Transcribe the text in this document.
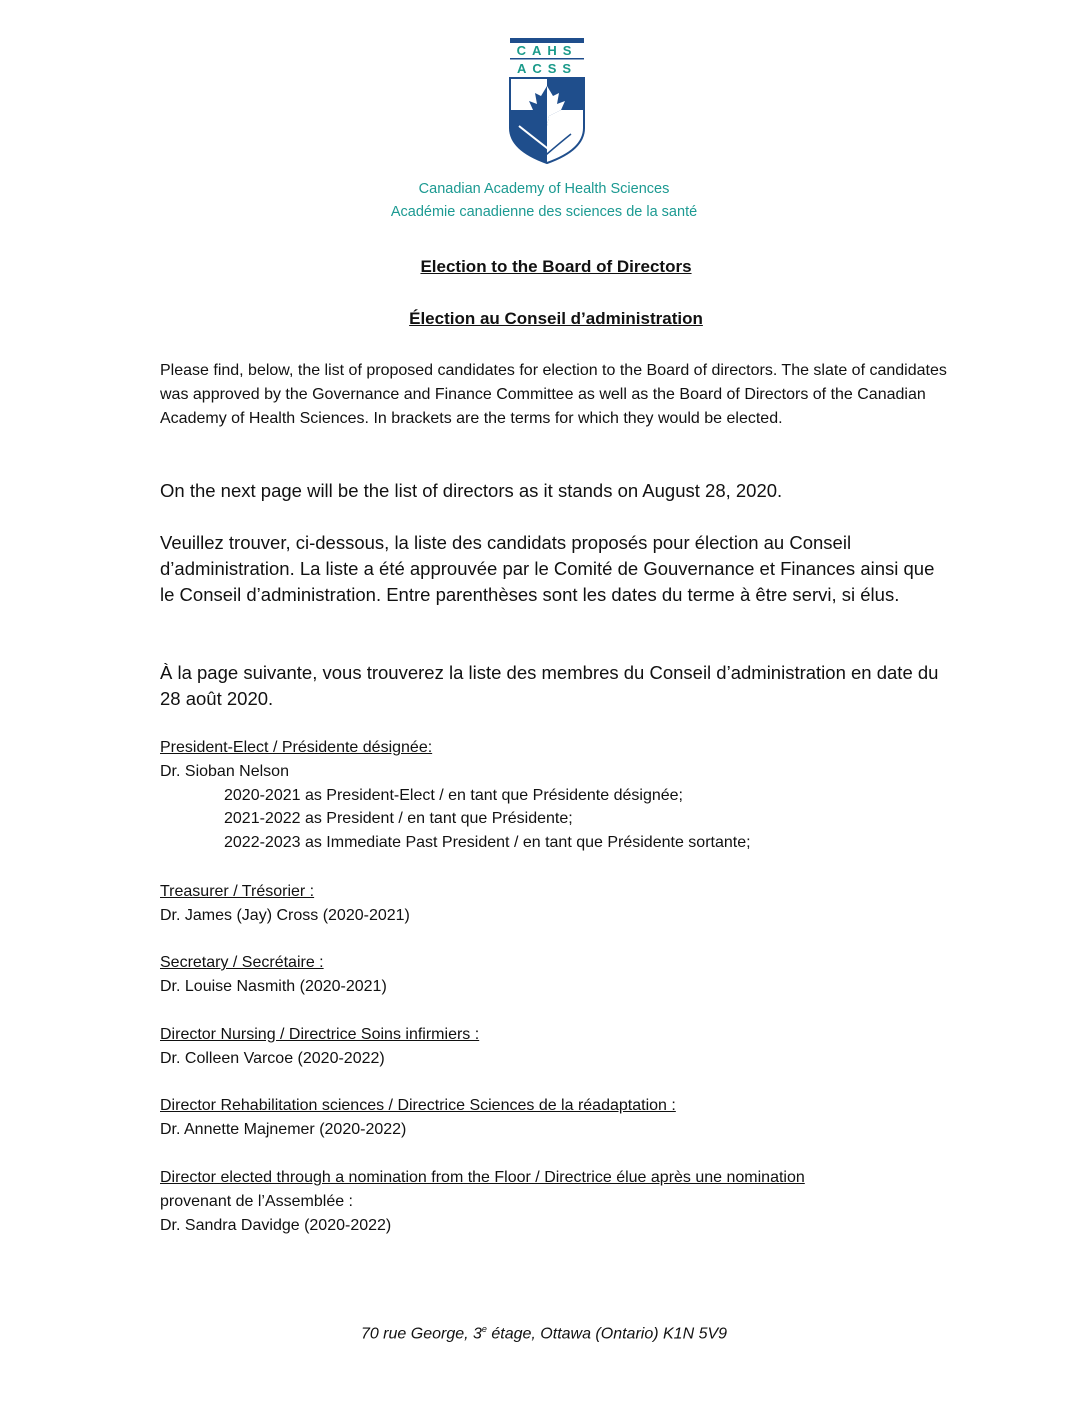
CAHS
ACSS
Canadian Academy of Health Sciences
Académie canadienne des sciences de la santé
Election to the Board of Directors
Élection au Conseil d’administration

Please find, below, the list of proposed candidates for election to the Board of directors. The slate of candidates was approved by the Governance and Finance Committee as well as the Board of Directors of the Canadian Academy of Health Sciences. In brackets are the terms for which they would be elected.

On the next page will be the list of directors as it stands on August 28, 2020.

Veuillez trouver, ci-dessous, la liste des candidats proposés pour élection au Conseil d’administration. La liste a été approuvée par le Comité de Gouvernance et Finances ainsi que le Conseil d’administration. Entre parenthèses sont les dates du terme à être servi, si élus.

À la page suivante, vous trouverez la liste des membres du Conseil d’administration en date du 28 août 2020.

President-Elect / Présidente désignée:
Dr. Sioban Nelson
2020-2021 as President-Elect / en tant que Présidente désignée;
2021-2022 as President / en tant que Présidente;
2022-2023 as Immediate Past President / en tant que Présidente sortante;
Treasurer / Trésorier :
Dr. James (Jay) Cross (2020-2021)
Secretary / Secrétaire :
Dr. Louise Nasmith (2020-2021)
Director Nursing / Directrice Soins infirmiers :
Dr. Colleen Varcoe (2020-2022)
Director Rehabilitation sciences / Directrice Sciences de la réadaptation :
Dr. Annette Majnemer (2020-2022)
Director elected through a nomination from the Floor / Directrice élue après une nomination
provenant de l’Assemblée :
Dr. Sandra Davidge (2020-2022)
70 rue George, 3e étage, Ottawa (Ontario) K1N 5V9
